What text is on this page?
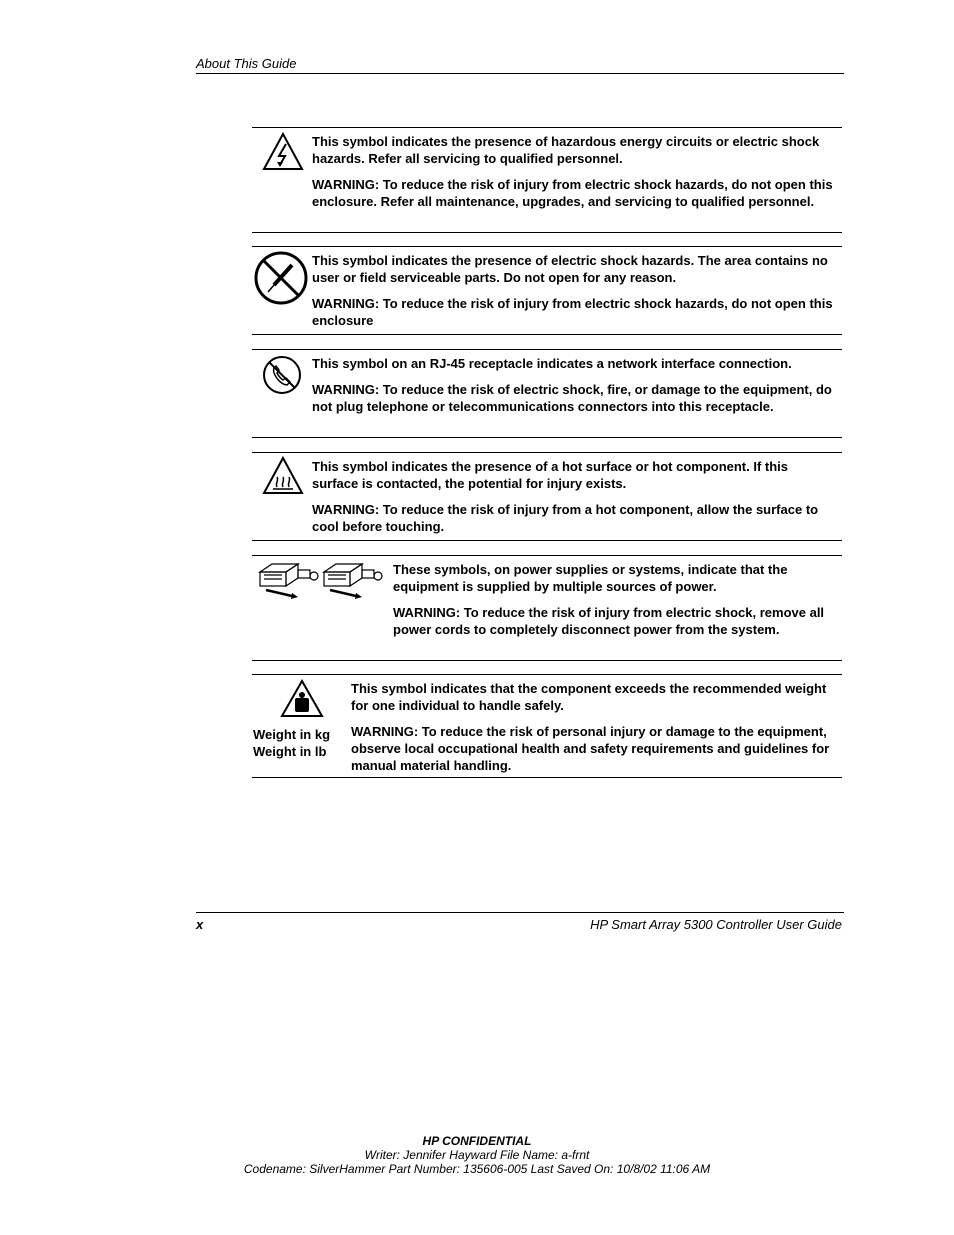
About This Guide

This symbol indicates the presence of hazardous energy circuits or electric shock hazards. Refer all servicing to qualified personnel.

WARNING: To reduce the risk of injury from electric shock hazards, do not open this enclosure. Refer all maintenance, upgrades, and servicing to qualified personnel.

This symbol indicates the presence of electric shock hazards. The area contains no user or field serviceable parts. Do not open for any reason.

WARNING: To reduce the risk of injury from electric shock hazards, do not open this enclosure

This symbol on an RJ-45 receptacle indicates a network interface connection.

WARNING: To reduce the risk of electric shock, fire, or damage to the equipment, do not plug telephone or telecommunications connectors into this receptacle.

This symbol indicates the presence of a hot surface or hot component. If this surface is contacted, the potential for injury exists.

WARNING: To reduce the risk of injury from a hot component, allow the surface to cool before touching.

These symbols, on power supplies or systems, indicate that the equipment is supplied by multiple sources of power.

WARNING: To reduce the risk of injury from electric shock, remove all power cords to completely disconnect power from the system.

Weight in kg
Weight in lb

This symbol indicates that the component exceeds the recommended weight for one individual to handle safely.

WARNING: To reduce the risk of personal injury or damage to the equipment, observe local occupational health and safety requirements and guidelines for manual material handling.

x	HP Smart Array 5300 Controller User Guide
HP CONFIDENTIAL
Writer: Jennifer Hayward File Name: a-frnt
Codename: SilverHammer Part Number: 135606-005 Last Saved On: 10/8/02 11:06 AM
